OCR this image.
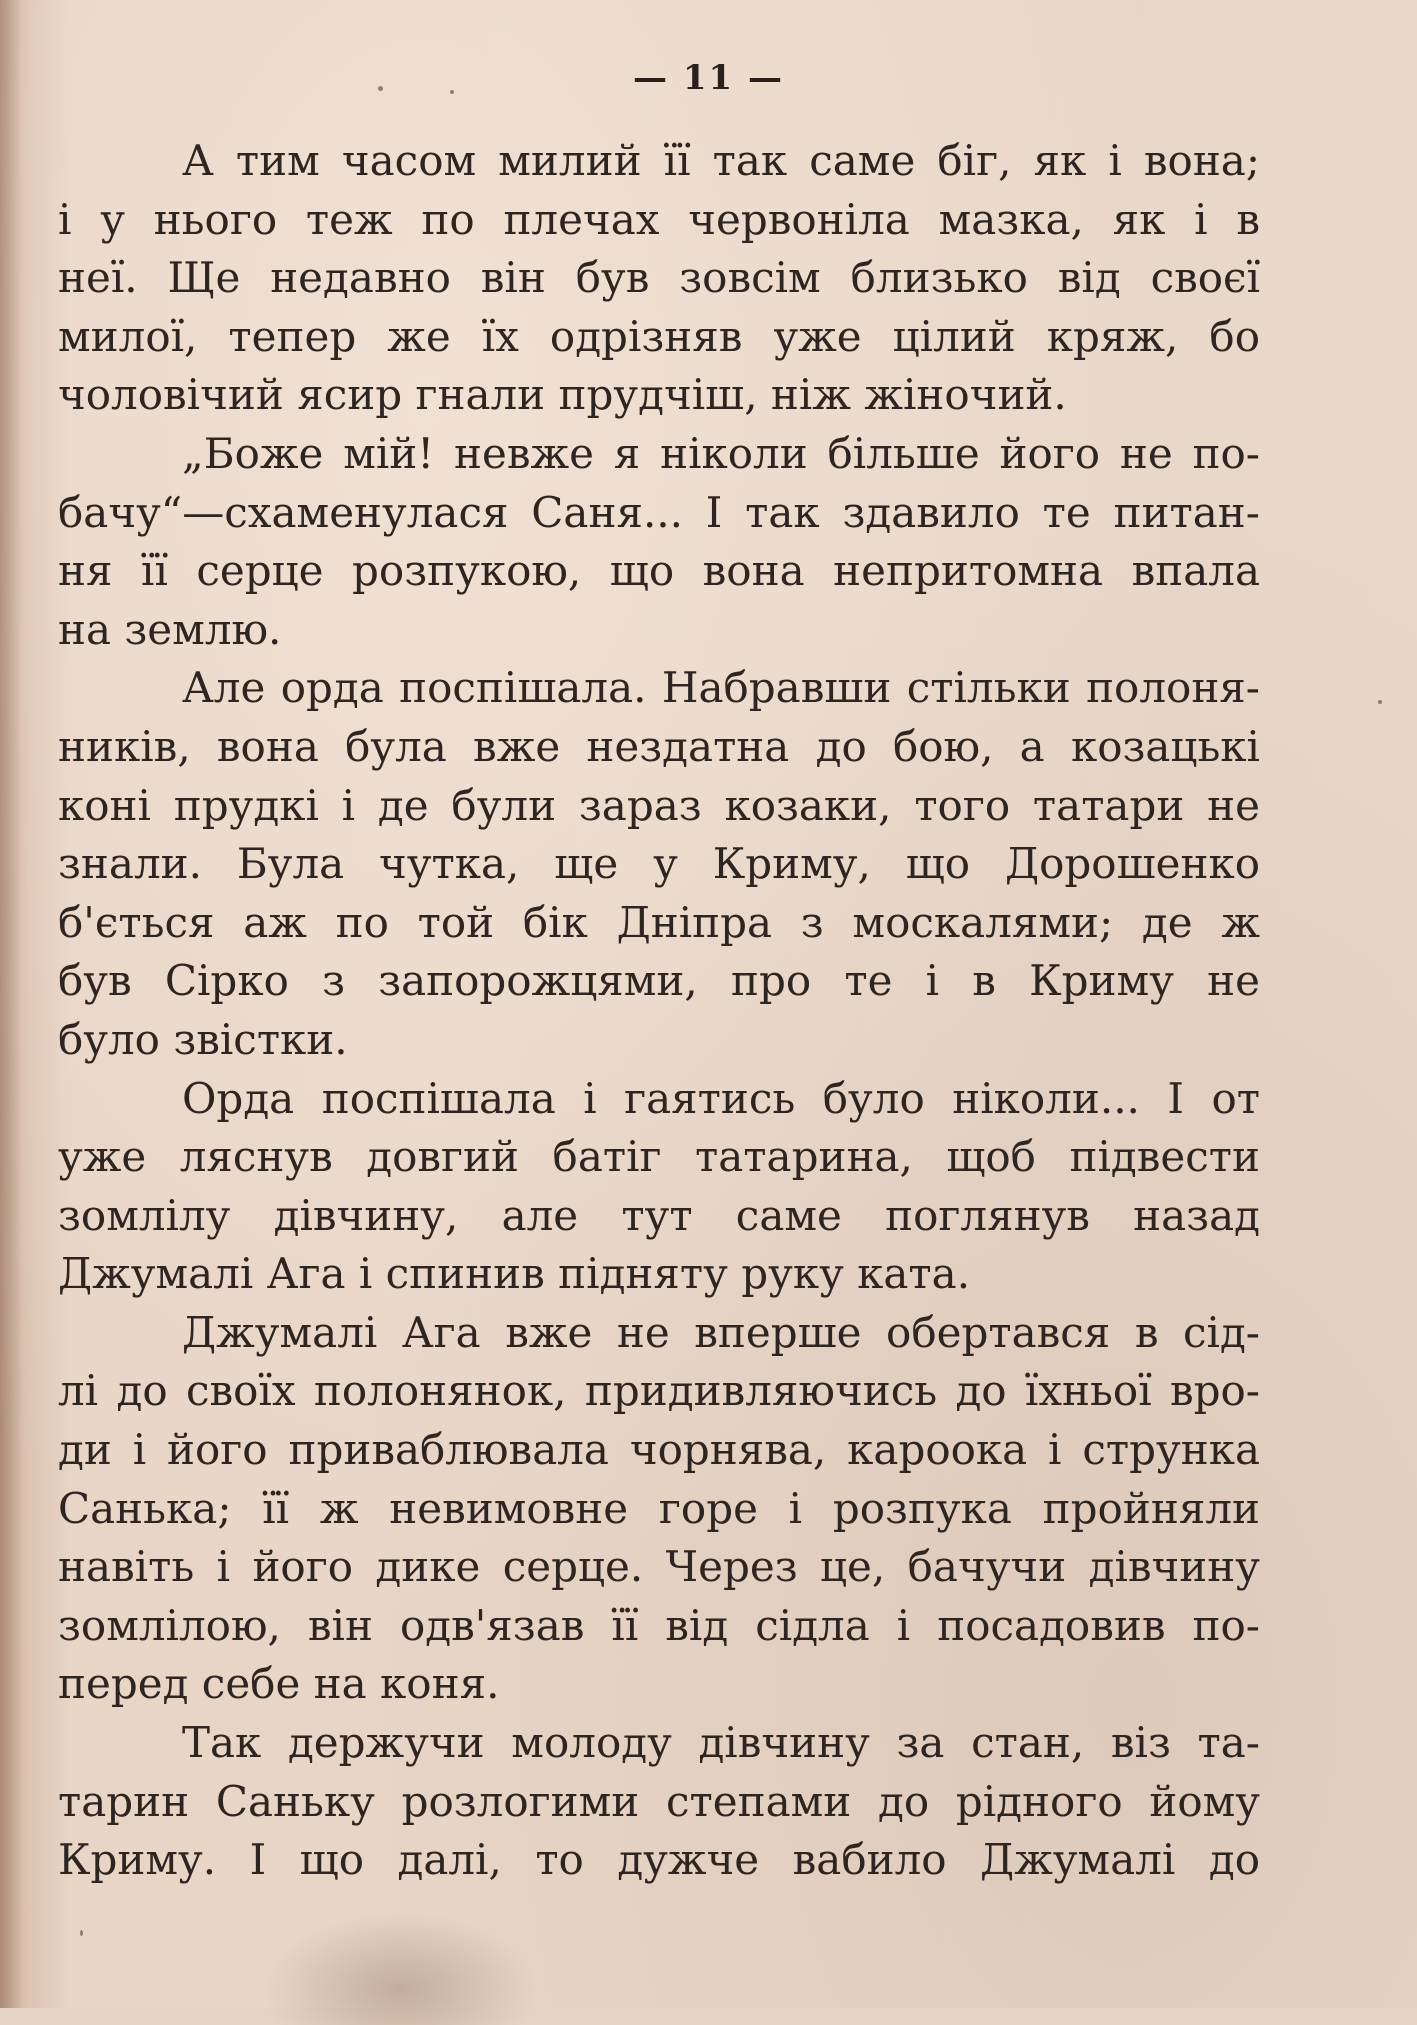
— 11 —
А тим часом милий її так саме біг, як і вона;
і у нього теж по плечах червоніла мазка, як і в
неї. Ще недавно він був зовсім близько від своєї
милої, тепер же їх одрізняв уже цілий кряж, бо
чоловічий ясир гнали прудчіш, ніж жіночий.
„Боже мій! невже я ніколи більше його не по-
бачу“—схаменулася Саня... І так здавило те питан-
ня її серце розпукою, що вона непритомна впала
на землю.
Але орда поспішала. Набравши стільки полоня-
ників, вона була вже нездатна до бою, а козацькі
коні прудкі і де були зараз козаки, того татари не
знали. Була чутка, ще у Криму, що Дорошенко
б'ється аж по той бік Дніпра з москалями; де ж
був Сірко з запорожцями, про те і в Криму не
було звістки.
Орда поспішала і гаятись було ніколи... І от
уже ляснув довгий батіг татарина, щоб підвести
зомлілу дівчину, але тут саме поглянув назад
Джумалі Ага і спинив підняту руку ката.
Джумалі Ага вже не вперше обертався в сід-
лі до своїх полонянок, придивляючись до їхньої вро-
ди і його приваблювала чорнява, кароока і струнка
Санька; її ж невимовне горе і розпука пройняли
навіть і його дике серце. Через це, бачучи дівчину
зомлілою, він одв'язав її від сідла і посадовив по-
перед себе на коня.
Так держучи молоду дівчину за стан, віз та-
тарин Саньку розлогими степами до рідного йому
Криму. І що далі, то дужче вабило Джумалі до
